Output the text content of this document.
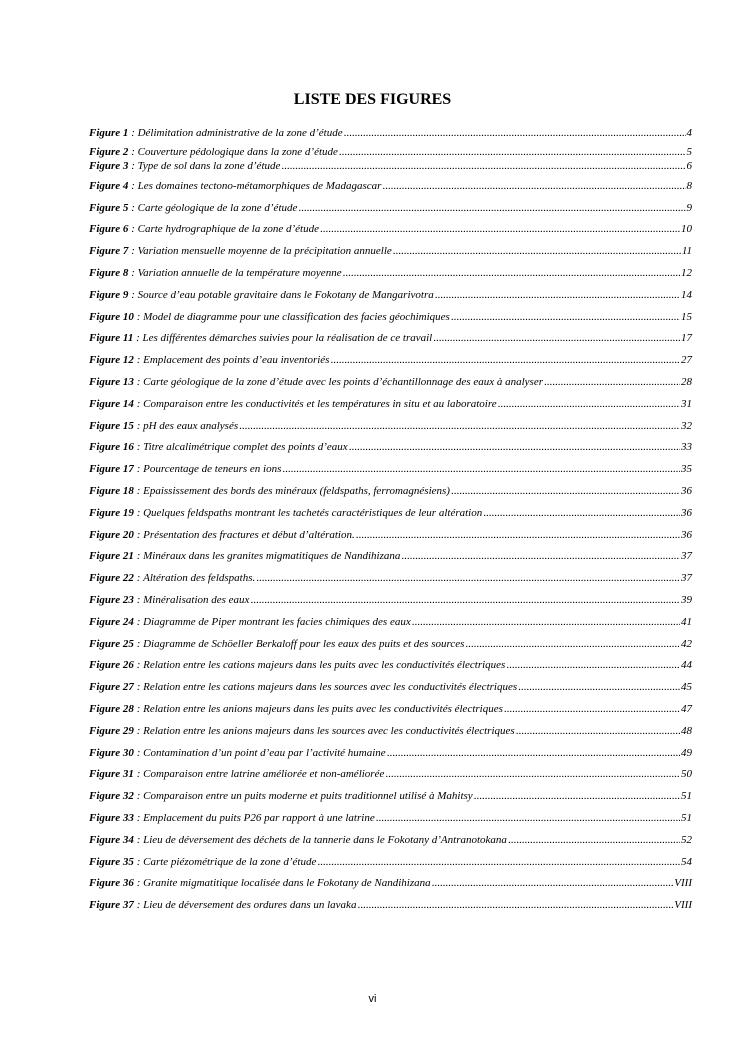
LISTE DES FIGURES
Figure 1 : Délimitation administrative de la zone d’étude .....	4
Figure 2 : Couverture pédologique dans la zone d’étude .....	5
Figure 3 : Type de sol dans la zone d’étude .....	6
Figure 4 : Les domaines tectono-métamorphiques de Madagascar .....	8
Figure 5 : Carte géologique de la zone d’étude .....	9
Figure 6 : Carte hydrographique de la zone d’étude .....	10
Figure 7 : Variation mensuelle moyenne de la précipitation annuelle .....	11
Figure 8 : Variation annuelle de la température moyenne .....	12
Figure 9 : Source d’eau potable gravitaire dans le Fokotany de Mangarivotra .....	14
Figure 10 : Model de diagramme pour une classification des facies géochimiques .....	15
Figure 11 : Les différentes démarches suivies pour la réalisation de ce travail .....	17
Figure 12 : Emplacement des points d’eau inventoriés .....	27
Figure 13 : Carte géologique de la zone d’étude avec les points d’échantillonnage des eaux à analyser .....	28
Figure 14 : Comparaison entre les conductivités et les températures in situ et au laboratoire .....	31
Figure 15 : pH des eaux analysés .....	32
Figure 16 : Titre alcalimétrique complet des points d’eaux .....	33
Figure 17 : Pourcentage de teneurs en ions .....	35
Figure 18 : Epaississement des bords des minéraux (feldspaths, ferromagnésiens) .....	36
Figure 19 : Quelques feldspaths montrant les tachetés caractéristiques de leur altération .....	36
Figure 20 : Présentation des fractures et début d’altération. .....	36
Figure 21 : Minéraux dans les granites migmatitiques de Nandihizana .....	37
Figure 22 : Altération des feldspaths. .....	37
Figure 23 : Minéralisation des eaux .....	39
Figure 24 : Diagramme de Piper montrant les facies chimiques des eaux .....	41
Figure 25 : Diagramme de Schöeller Berkaloff pour les eaux des puits et des sources .....	42
Figure 26 : Relation entre les cations majeurs dans les puits avec les conductivités électriques .....	44
Figure 27 : Relation entre les cations majeurs dans les sources avec les conductivités électriques .....	45
Figure 28 : Relation entre les anions majeurs dans les puits avec les conductivités électriques .....	47
Figure 29 : Relation entre les anions majeurs dans les sources avec les conductivités électriques .....	48
Figure 30 : Contamination d’un point d’eau par l’activité humaine .....	49
Figure 31 : Comparaison entre latrine améliorée et non-améliorée .....	50
Figure 32 : Comparaison entre un puits moderne et puits traditionnel utilisé à Mahitsy .....	51
Figure 33 : Emplacement du puits P26 par rapport à une latrine .....	51
Figure 34 : Lieu de déversement des déchets de la tannerie dans le Fokotany d’Antranotokana .....	52
Figure 35 : Carte piézométrique de la zone d’étude .....	54
Figure 36 : Granite migmatitique localisée dans le Fokotany de Nandihizana .....	VIII
Figure 37 : Lieu de déversement des ordures dans un lavaka .....	VIII
vi
